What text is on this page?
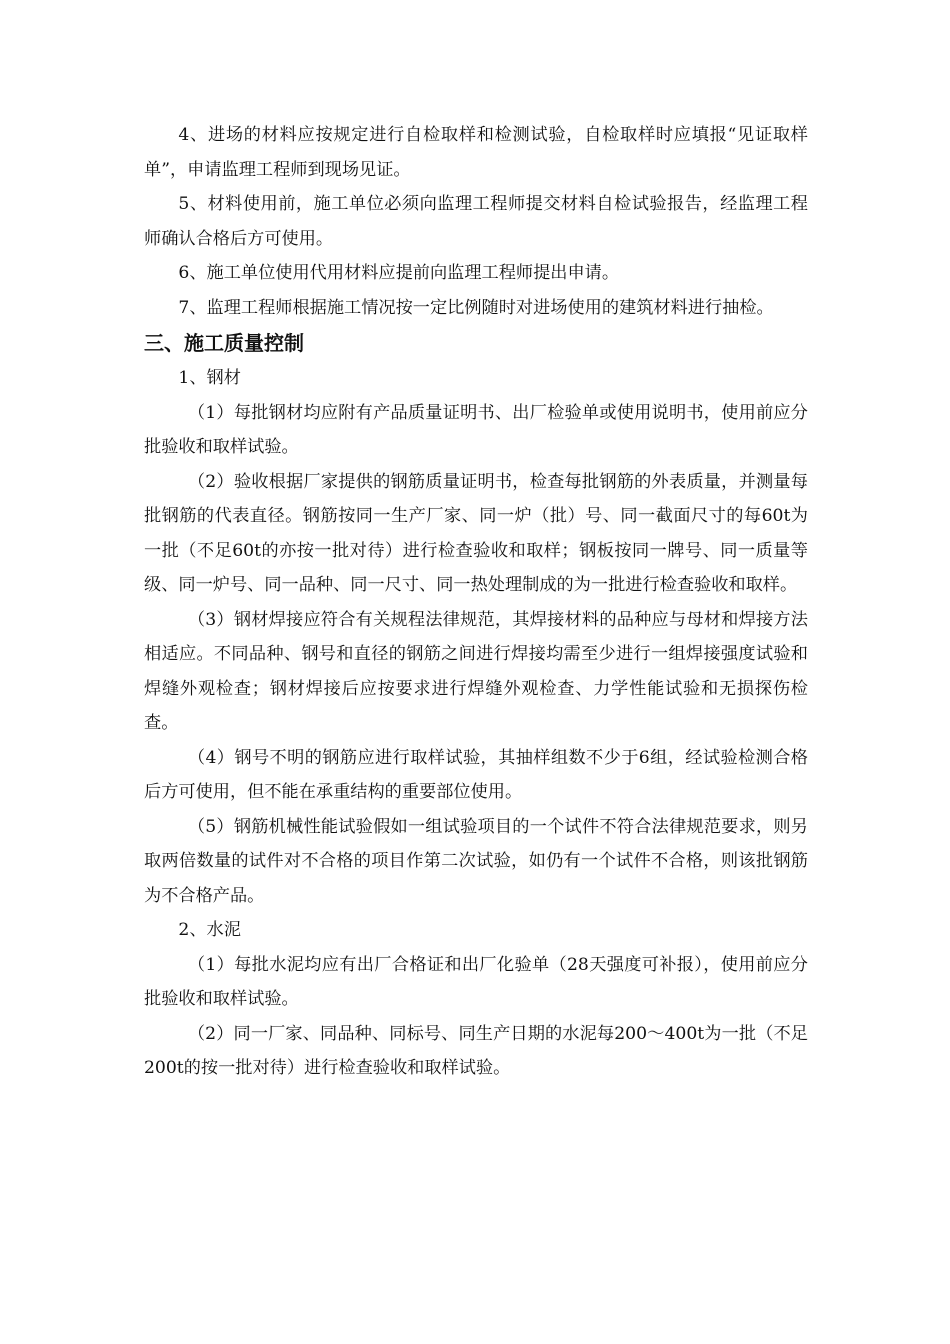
4、进场的材料应按规定进行自检取样和检测试验，自检取样时应填报“见证取样单”，申请监理工程师到现场见证。

5、材料使用前，施工单位必须向监理工程师提交材料自检试验报告，经监理工程师确认合格后方可使用。

6、施工单位使用代用材料应提前向监理工程师提出申请。

7、监理工程师根据施工情况按一定比例随时对进场使用的建筑材料进行抽检。

三、施工质量控制

1、钢材

（1）每批钢材均应附有产品质量证明书、出厂检验单或使用说明书，使用前应分批验收和取样试验。

（2）验收根据厂家提供的钢筋质量证明书，检查每批钢筋的外表质量，并测量每批钢筋的代表直径。钢筋按同一生产厂家、同一炉（批）号、同一截面尺寸的每60t为一批（不足60t的亦按一批对待）进行检查验收和取样；钢板按同一牌号、同一质量等级、同一炉号、同一品种、同一尺寸、同一热处理制成的为一批进行检查验收和取样。

（3）钢材焊接应符合有关规程法律规范，其焊接材料的品种应与母材和焊接方法相适应。不同品种、钢号和直径的钢筋之间进行焊接均需至少进行一组焊接强度试验和焊缝外观检查；钢材焊接后应按要求进行焊缝外观检查、力学性能试验和无损探伤检查。

（4）钢号不明的钢筋应进行取样试验，其抽样组数不少于6组，经试验检测合格后方可使用，但不能在承重结构的重要部位使用。

（5）钢筋机械性能试验假如一组试验项目的一个试件不符合法律规范要求，则另取两倍数量的试件对不合格的项目作第二次试验，如仍有一个试件不合格，则该批钢筋为不合格产品。

2、水泥

（1）每批水泥均应有出厂合格证和出厂化验单（28天强度可补报），使用前应分批验收和取样试验。

（2）同一厂家、同品种、同标号、同生产日期的水泥每200～400t为一批（不足200t的按一批对待）进行检查验收和取样试验。
